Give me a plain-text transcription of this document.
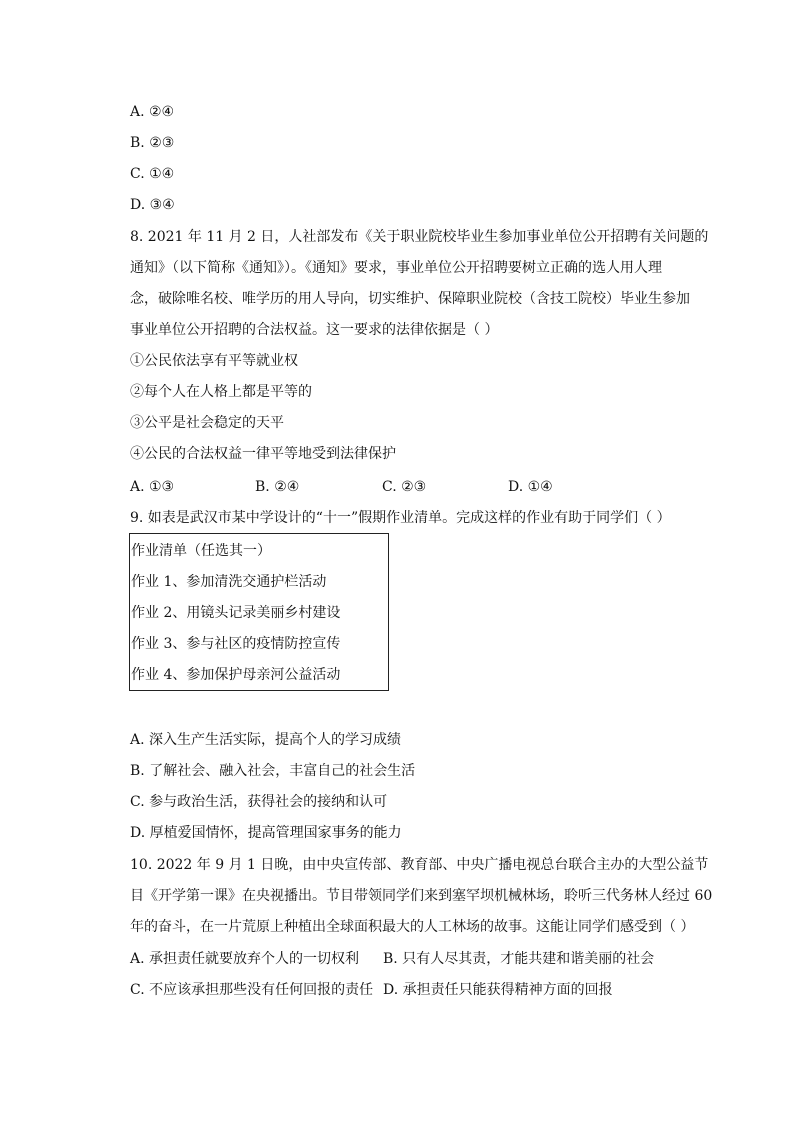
A. ②④
B. ②③
C. ①④
D. ③④
8. 2021 年 11 月 2 日，人社部发布《关于职业院校毕业生参加事业单位公开招聘有关问题的
通知》（以下简称《通知》）。《通知》要求，事业单位公开招聘要树立正确的选人用人理
念，破除唯名校、唯学历的用人导向，切实维护、保障职业院校（含技工院校）毕业生参加
事业单位公开招聘的合法权益。这一要求的法律依据是（ ）
①公民依法享有平等就业权
②每个人在人格上都是平等的
③公平是社会稳定的天平
④公民的合法权益一律平等地受到法律保护
A. ①③	B. ②④	C. ②③	D. ①④
9. 如表是武汉市某中学设计的“十一”假期作业清单。完成这样的作业有助于同学们（ ）
作业清单（任选其一）
作业 1、参加清洗交通护栏活动
作业 2、用镜头记录美丽乡村建设
作业 3、参与社区的疫情防控宣传
作业 4、参加保护母亲河公益活动
A. 深入生产生活实际，提高个人的学习成绩
B. 了解社会、融入社会，丰富自己的社会生活
C. 参与政治生活，获得社会的接纳和认可
D. 厚植爱国情怀，提高管理国家事务的能力
10. 2022 年 9 月 1 日晚，由中央宣传部、教育部、中央广播电视总台联合主办的大型公益节
目《开学第一课》在央视播出。节目带领同学们来到塞罕坝机械林场，聆听三代务林人经过 60
年的奋斗，在一片荒原上种植出全球面积最大的人工林场的故事。这能让同学们感受到（ ）
A. 承担责任就要放弃个人的一切权利 B. 只有人尽其责，才能共建和谐美丽的社会
C. 不应该承担那些没有任何回报的责任 D. 承担责任只能获得精神方面的回报
